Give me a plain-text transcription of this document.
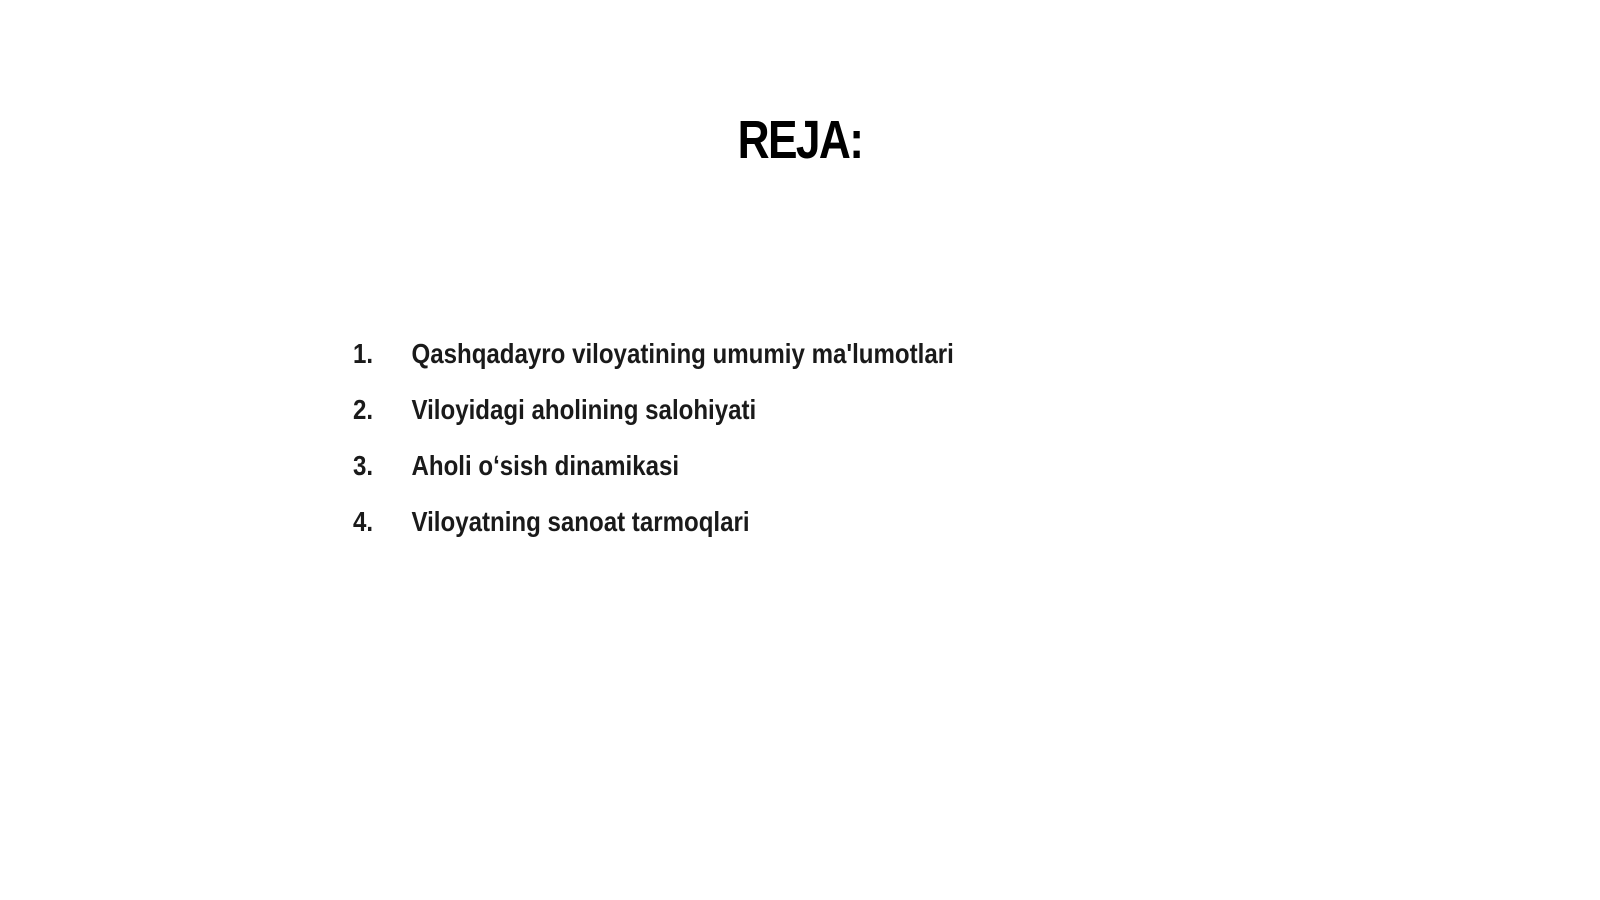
REJA:
1.	Qashqadayro viloyatining umumiy ma'lumotlari
2.	Viloyidagi aholining salohiyati
3.	Aholi oʻsish dinamikasi
4.	Viloyatning sanoat tarmoqlari
